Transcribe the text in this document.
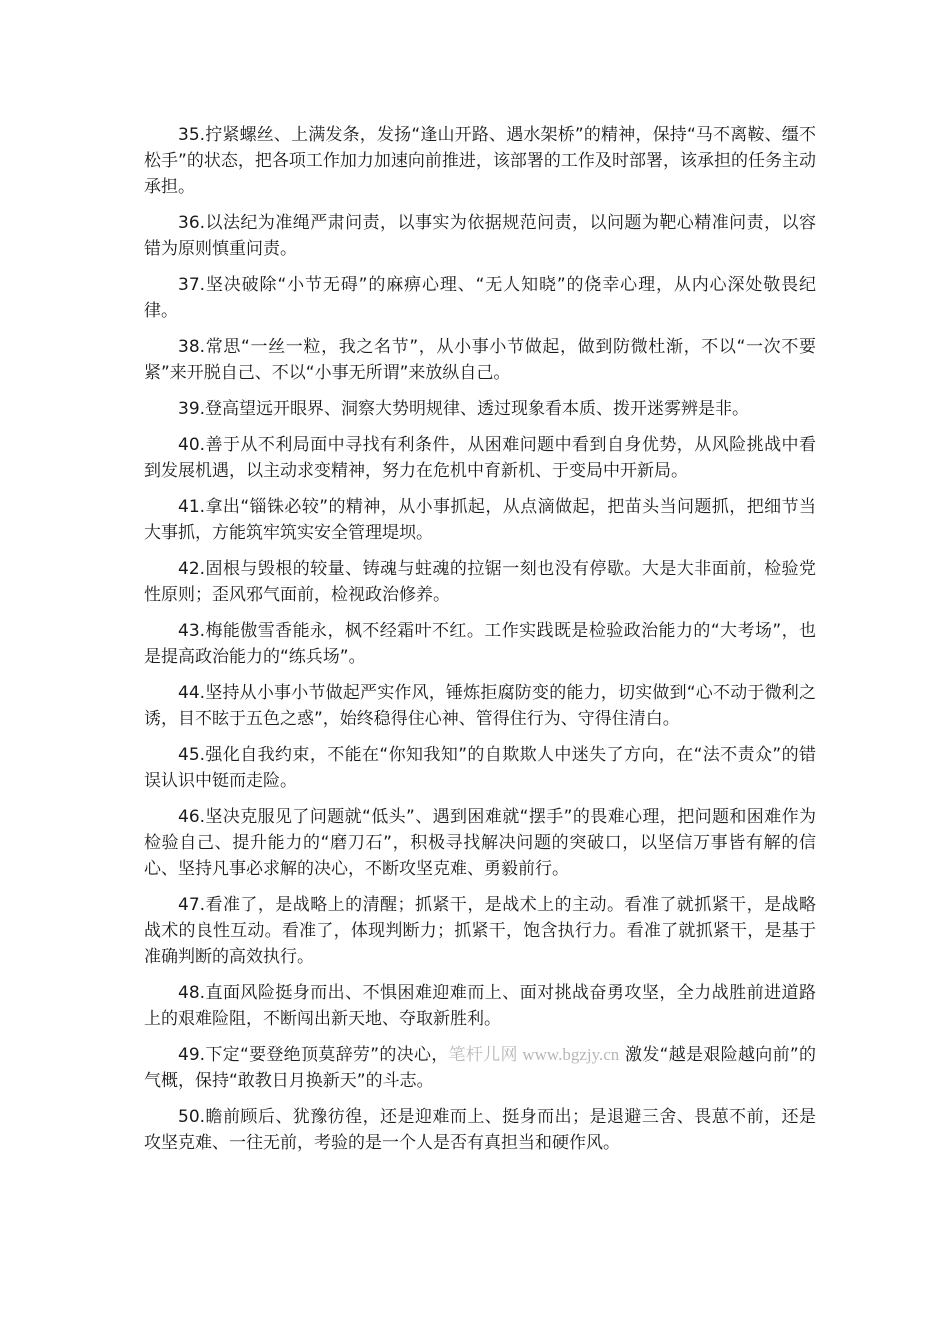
35.拧紧螺丝、上满发条，发扬“逢山开路、遇水架桥”的精神，保持“马不离鞍、缰不松手”的状态，把各项工作加力加速向前推进，该部署的工作及时部署，该承担的任务主动承担。

36.以法纪为准绳严肃问责，以事实为依据规范问责，以问题为靶心精准问责，以容错为原则慎重问责。

37.坚决破除“小节无碍”的麻痹心理、“无人知晓”的侥幸心理，从内心深处敬畏纪律。

38.常思“一丝一粒，我之名节”，从小事小节做起，做到防微杜渐，不以“一次不要紧”来开脱自己、不以“小事无所谓”来放纵自己。

39.登高望远开眼界、洞察大势明规律、透过现象看本质、拨开迷雾辨是非。

40.善于从不利局面中寻找有利条件，从困难问题中看到自身优势，从风险挑战中看到发展机遇，以主动求变精神，努力在危机中育新机、于变局中开新局。

41.拿出“锱铢必较”的精神，从小事抓起，从点滴做起，把苗头当问题抓，把细节当大事抓，方能筑牢筑实安全管理堤坝。

42.固根与毁根的较量、铸魂与蛀魂的拉锯一刻也没有停歇。大是大非面前，检验党性原则；歪风邪气面前，检视政治修养。

43.梅能傲雪香能永，枫不经霜叶不红。工作实践既是检验政治能力的“大考场”，也是提高政治能力的“练兵场”。

44.坚持从小事小节做起严实作风，锤炼拒腐防变的能力，切实做到“心不动于微利之诱，目不眩于五色之惑”，始终稳得住心神、管得住行为、守得住清白。

45.强化自我约束，不能在“你知我知”的自欺欺人中迷失了方向，在“法不责众”的错误认识中铤而走险。

46.坚决克服见了问题就“低头”、遇到困难就“摆手”的畏难心理，把问题和困难作为检验自己、提升能力的“磨刀石”，积极寻找解决问题的突破口，以坚信万事皆有解的信心、坚持凡事必求解的决心，不断攻坚克难、勇毅前行。

47.看准了，是战略上的清醒；抓紧干，是战术上的主动。看准了就抓紧干，是战略战术的良性互动。看准了，体现判断力；抓紧干，饱含执行力。看准了就抓紧干，是基于准确判断的高效执行。

48.直面风险挺身而出、不惧困难迎难而上、面对挑战奋勇攻坚，全力战胜前进道路上的艰难险阻，不断闯出新天地、夺取新胜利。

49.下定“要登绝顶莫辞劳”的决心，笔杆儿网 www.bgzjy.cn 激发“越是艰险越向前”的气概，保持“敢教日月换新天”的斗志。

50.瞻前顾后、犹豫彷徨，还是迎难而上、挺身而出；是退避三舍、畏葸不前，还是攻坚克难、一往无前，考验的是一个人是否有真担当和硬作风。
